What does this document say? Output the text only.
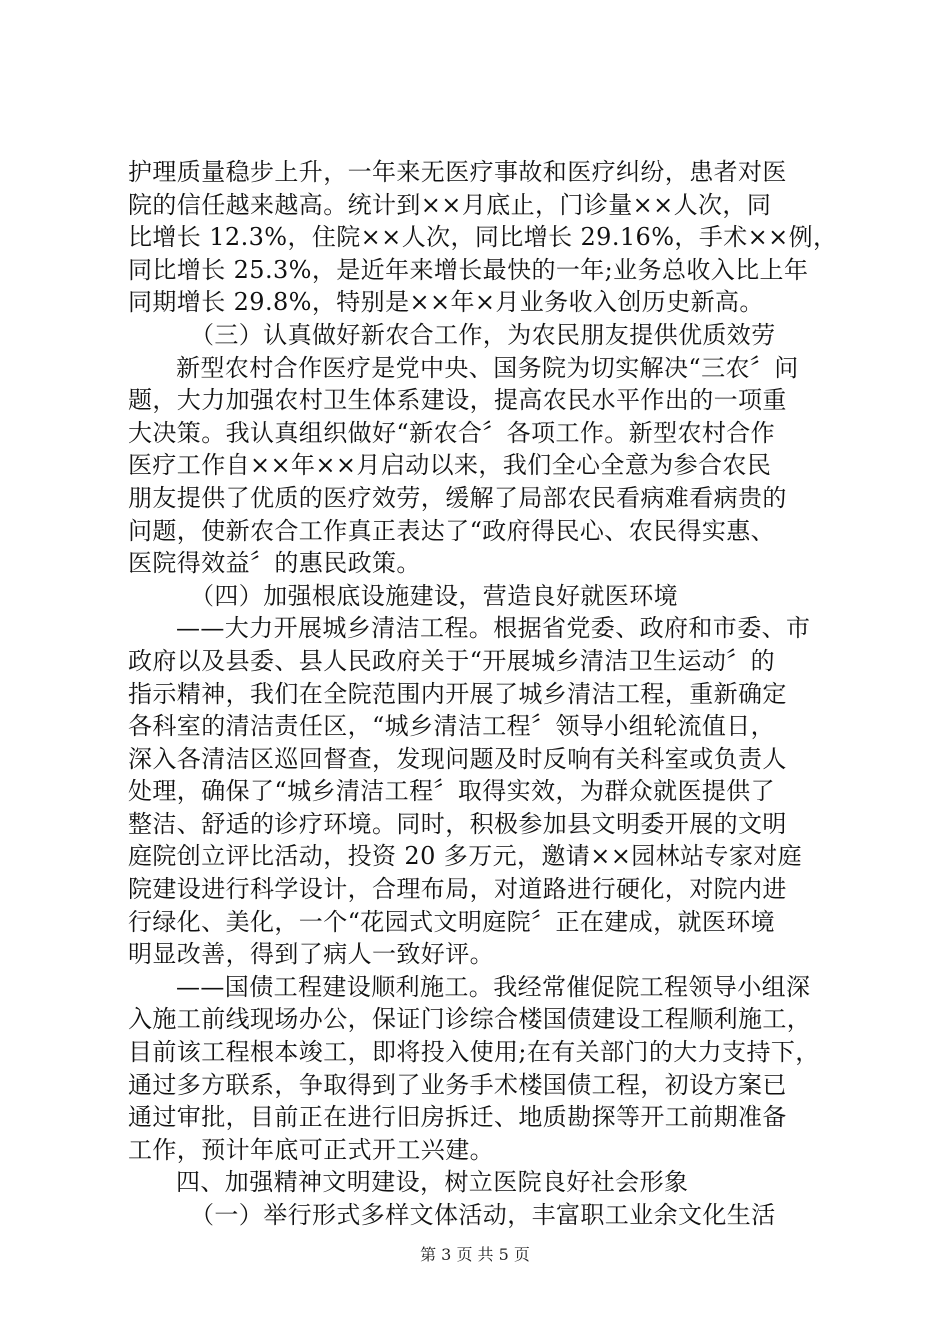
护理质量稳步上升，一年来无医疗事故和医疗纠纷，患者对医
院的信任越来越高。统计到××月底止，门诊量××人次，同
比增长 12.3%，住院××人次，同比增长 29.16%，手术××例，
同比增长 25.3%，是近年来增长最快的一年;业务总收入比上年
同期增长 29.8%，特别是××年×月业务收入创历史新高。
（三）认真做好新农合工作，为农民朋友提供优质效劳
新型农村合作医疗是党中央、国务院为切实解决“三农〞问
题，大力加强农村卫生体系建设，提高农民水平作出的一项重
大决策。我认真组织做好“新农合〞各项工作。新型农村合作
医疗工作自××年××月启动以来，我们全心全意为参合农民
朋友提供了优质的医疗效劳，缓解了局部农民看病难看病贵的
问题，使新农合工作真正表达了“政府得民心、农民得实惠、
医院得效益〞的惠民政策。
（四）加强根底设施建设，营造良好就医环境
——大力开展城乡清洁工程。根据省党委、政府和市委、市
政府以及县委、县人民政府关于“开展城乡清洁卫生运动〞的
指示精神，我们在全院范围内开展了城乡清洁工程，重新确定
各科室的清洁责任区，“城乡清洁工程〞领导小组轮流值日，
深入各清洁区巡回督查，发现问题及时反响有关科室或负责人
处理，确保了“城乡清洁工程〞取得实效，为群众就医提供了
整洁、舒适的诊疗环境。同时，积极参加县文明委开展的文明
庭院创立评比活动，投资 20 多万元，邀请××园林站专家对庭
院建设进行科学设计，合理布局，对道路进行硬化，对院内进
行绿化、美化，一个“花园式文明庭院〞正在建成，就医环境
明显改善，得到了病人一致好评。
——国债工程建设顺利施工。我经常催促院工程领导小组深
入施工前线现场办公，保证门诊综合楼国债建设工程顺利施工，
目前该工程根本竣工，即将投入使用;在有关部门的大力支持下，
通过多方联系，争取得到了业务手术楼国债工程，初设方案已
通过审批，目前正在进行旧房拆迁、地质勘探等开工前期准备
工作，预计年底可正式开工兴建。
四、加强精神文明建设，树立医院良好社会形象
（一）举行形式多样文体活动，丰富职工业余文化生活
第 3 页 共 5 页
